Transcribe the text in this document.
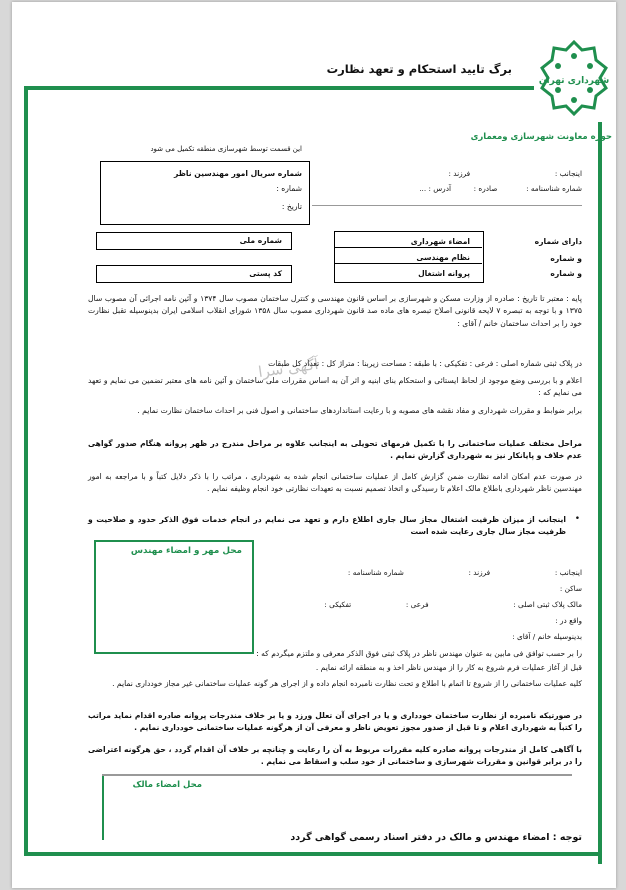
شهرداری تهران
برگ تایید استحکام و تعهد نظارت
حوزه معاونت شهرسازی ومعماری
این قسمت توسط شهرسازی منطقه تکمیل می شود
شماره سریال امور مهندسین ناظر
شماره :
تاریخ :
اینجانب :  فرزند :
شماره شناسنامه :  صادره :  آدرس : ...
دارای شماره
و شماره
و شماره
امضاء شهرداری
نظام مهندسی
پروانه اشتغال
شماره ملی
کد پستی
پایه : معتبر تا تاریخ : صادره از وزارت مسکن و شهرسازی بر اساس قانون مهندسی و کنترل ساختمان مصوب سال ۱۳۷۴ و آئین نامه اجرائی آن مصوب سال ۱۳۷۵ و با توجه به تبصره ۷ لایحه قانونی اصلاح تبصره های ماده صد قانون شهرداری مصوب سال ۱۳۵۸ شورای انقلاب اسلامی ایران بدینوسیله تقبل نظارت خود را بر احداث ساختمان خانم / آقای :
در پلاک ثبتی شماره اصلی : فرعی : تفکیکی : با طبقه : مساحت زیربنا : متراژ کل : تعداد کل طبقات
اعلام و با بررسی وضع موجود از لحاظ ایستائی و استحکام بنای ابنیه و اثر آن به اساس مقررات ملی ساختمان و آئین نامه های معتبر تضمین می نمایم و تعهد می نمایم که :
برابر ضوابط و مقررات شهرداری و مفاد نقشه های مصوبه و با رعایت استانداردهای ساختمانی و اصول فنی بر احداث ساختمان نظارت نمایم .
مراحل مختلف عملیات ساختمانی را با تکمیل فرمهای تحویلی به اینجانب علاوه بر مراحل مندرج در ظهر پروانه هنگام صدور گواهی عدم خلاف و پایانکار نیز به شهرداری گزارش نمایم .
در صورت عدم امکان ادامه نظارت ضمن گزارش کامل از عملیات ساختمانی انجام شده به شهرداری ، مراتب را با ذکر دلایل کتباً و با مراجعه به امور مهندسین ناظر شهرداری باطلاع مالک اعلام تا رسیدگی و اتخاذ تصمیم نسبت به تعهدات نظارتی خود انجام وظیفه نمایم .
اینجانب از میزان ظرفیت اشتغال مجاز سال جاری اطلاع دارم و تعهد می نمایم در انجام خدمات فوق الذکر حدود و صلاحیت و ظرفیت مجاز سال جاری رعایت شده است
•
محل مهر و امضاء مهندس
اینجانب :  فرزند :  شماره شناسنامه :
ساکن :
مالک پلاک ثبتی اصلی :  فرعی :  تفکیکی :
واقع در :
بدینوسیله خانم / آقای :
را بر حسب توافق فی مابین به عنوان مهندس ناظر در پلاک ثبتی فوق الذکر معرفی و ملتزم میگردم که :
قبل از آغاز عملیات فرم شروع به کار را از مهندس ناظر اخذ و به منطقه ارائه نمایم .
کلیه عملیات ساختمانی را از شروع تا اتمام با اطلاع و تحت نظارت نامبرده انجام داده و از اجرای هر گونه عملیات ساختمانی غیر مجاز خودداری نمایم .
در صورتیکه نامبرده از نظارت ساختمان خودداری و یا در اجرای آن تعلل ورزد و یا بر خلاف مندرجات پروانه صادره اقدام نماید مراتب را کتباً به شهرداری اعلام و تا قبل از صدور مجوز تعویض ناظر و معرفی آن از هرگونه عملیات ساختمانی خودداری نمایم .
با آگاهی کامل از مندرجات پروانه صادره کلیه مقررات مربوط به آن را رعایت و چنانچه بر خلاف آن اقدام گردد ، حق هرگونه اعتراضی را در برابر قوانین و مقررات شهرسازی و ساختمانی از خود سلب و اسقاط می نمایم .
محل امضاء مالک
توجه : امضاء مهندس و مالک در دفتر اسناد رسمی گواهی گردد
آگهی سرا
